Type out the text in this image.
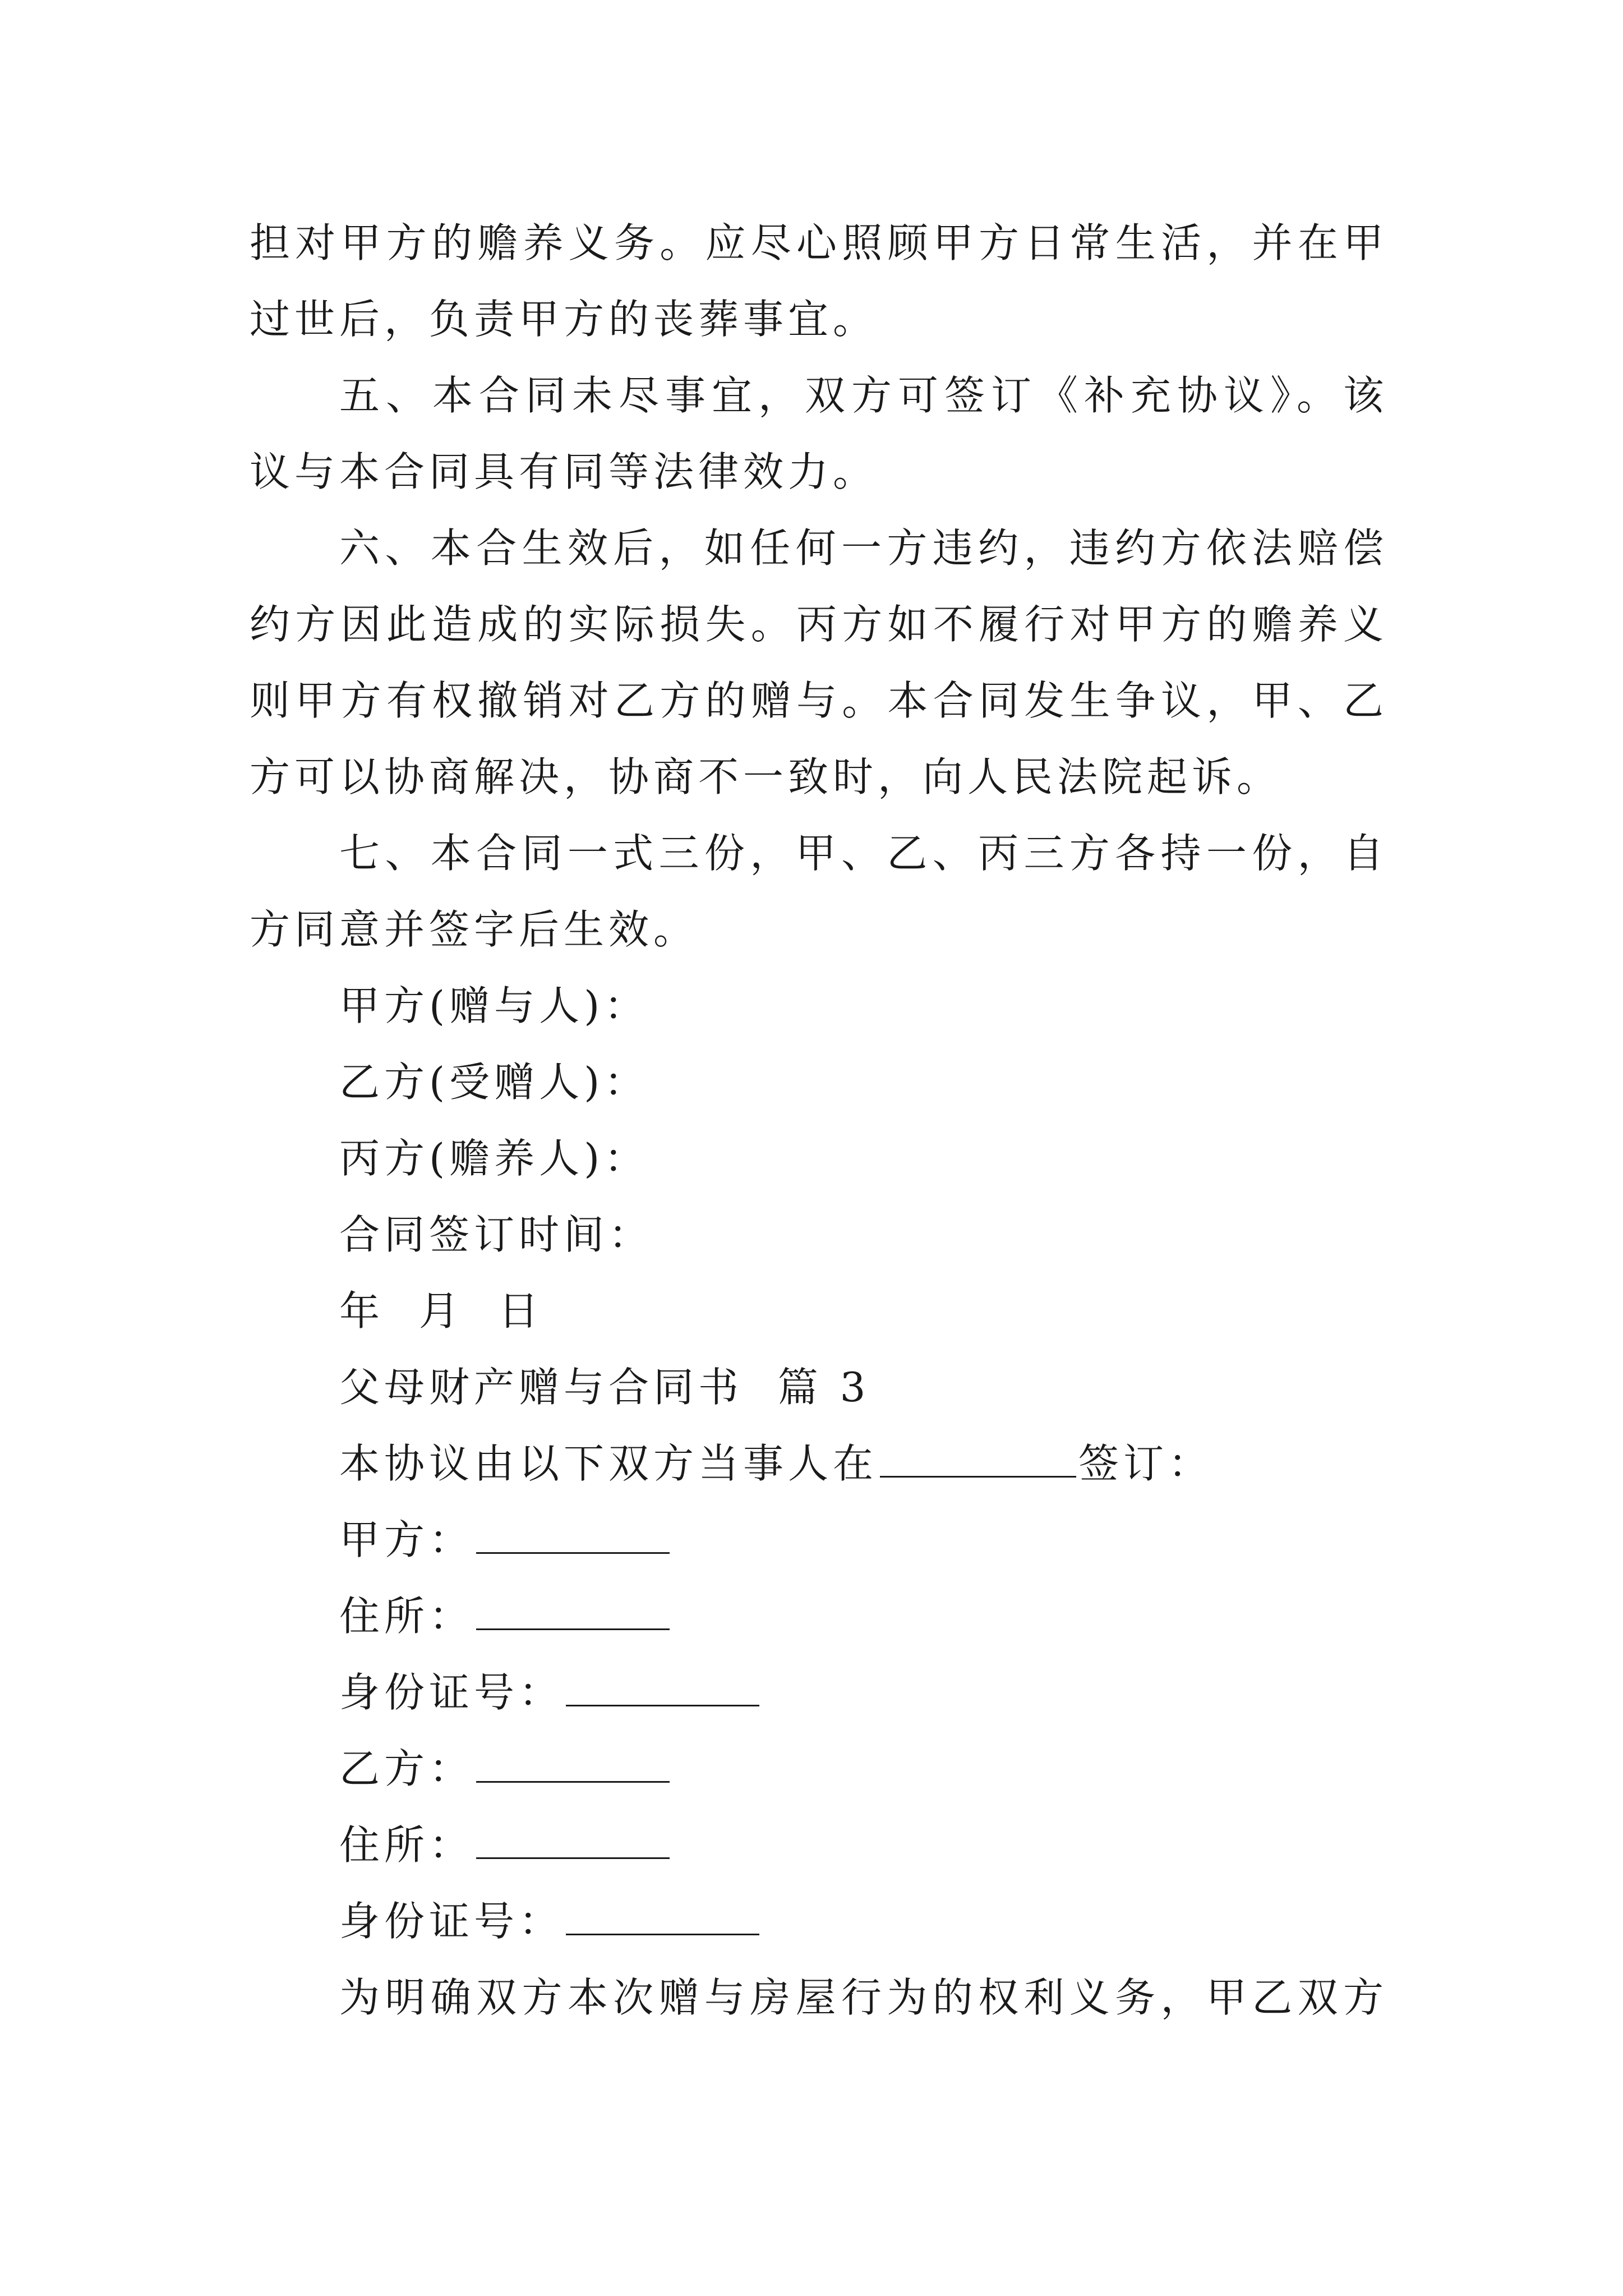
担对甲方的赡养义务。应尽心照顾甲方日常生活，并在甲
过世后，负责甲方的丧葬事宜。
五、本合同未尽事宜，双方可签订《补充协议》。该
议与本合同具有同等法律效力。
六、本合生效后，如任何一方违约，违约方依法赔偿
约方因此造成的实际损失。丙方如不履行对甲方的赡养义
则甲方有权撤销对乙方的赠与。本合同发生争议，甲、乙
方可以协商解决，协商不一致时，向人民法院起诉。
七、本合同一式三份，甲、乙、丙三方各持一份，自
方同意并签字后生效。
甲方(赠与人)：
乙方(受赠人)：
丙方(赡养人)：
合同签订时间：
年  月  日
父母财产赠与合同书  篇 3
本协议由以下双方当事人在	签订：
甲方：
住所：
身份证号：
乙方：
住所：
身份证号：
为明确双方本次赠与房屋行为的权利义务，甲乙双方
